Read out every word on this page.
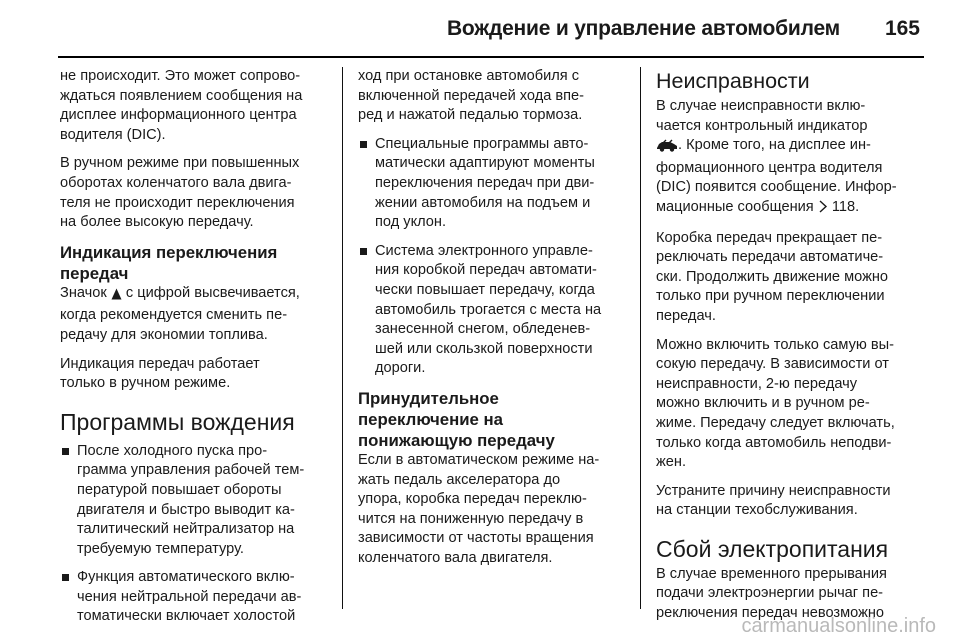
Вождение и управление автомобилем 165

не происходит. Это может сопрово-
ждаться появлением сообщения на
дисплее информационного центра
водителя (DIC).

В ручном режиме при повышенных
оборотах коленчатого вала двига-
теля не происходит переключения
на более высокую передачу.

Индикация переключения
передач

Значок  с цифрой высвечивается,
когда рекомендуется сменить пе-
редачу для экономии топлива.

Индикация передач работает
только в ручном режиме.

Программы вождения
После холодного пуска про-
грамма управления рабочей тем-
пературой повышает обороты
двигателя и быстро выводит ка-
талитический нейтрализатор на
требуемую температуру.
Функция автоматического вклю-
чения нейтральной передачи ав-
томатически включает холостой

ход при остановке автомобиля с
включенной передачей хода впе-
ред и нажатой педалью тормоза.

Специальные программы авто-
матически адаптируют моменты
переключения передач при дви-
жении автомобиля на подъем и
под уклон.
Система электронного управле-
ния коробкой передач автомати-
чески повышает передачу, когда
автомобиль трогается с места на
занесенной снегом, обледенев-
шей или скользкой поверхности
дороги.
Принудительное
переключение на
понижающую передачу

Если в автоматическом режиме на-
жать педаль акселератора до
упора, коробка передач переклю-
чится на пониженную передачу в
зависимости от частоты вращения
коленчатого вала двигателя.

Неисправности

В случае неисправности вклю-
чается контрольный индикатор
. Кроме того, на дисплее ин-
формационного центра водителя
(DIC) появится сообщение. Инфор-
мационные сообщения  118.

Коробка передач прекращает пе-
реключать передачи автоматиче-
ски. Продолжить движение можно
только при ручном переключении
передач.

Можно включить только самую вы-
сокую передачу. В зависимости от
неисправности, 2-ю передачу
можно включить и в ручном ре-
жиме. Передачу следует включать,
только когда автомобиль неподви-
жен.

Устраните причину неисправности
на станции техобслуживания.

Сбой электропитания

В случае временного прерывания
подачи электроэнергии рычаг пе-
реключения передач невозможно

carmanualsonline.info
